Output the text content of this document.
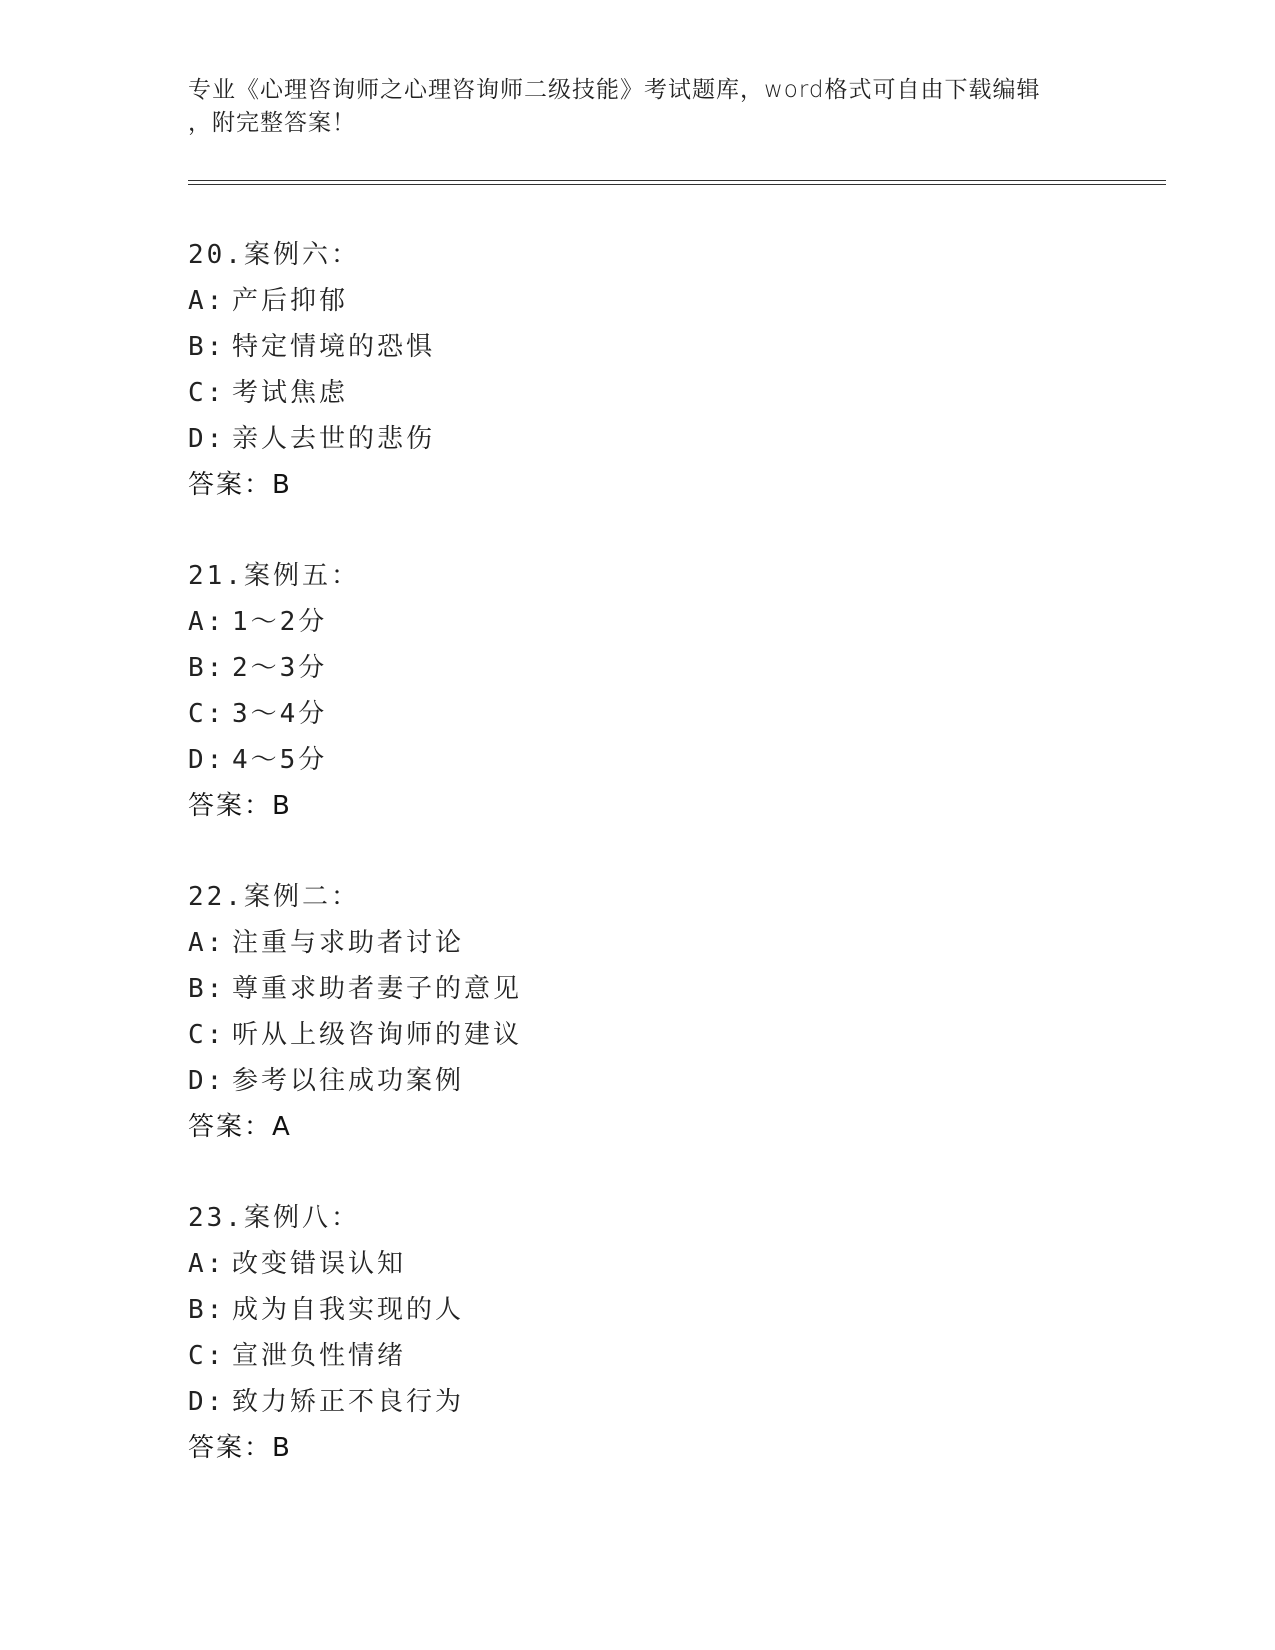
专业《心理咨询师之心理咨询师二级技能》考试题库，word格式可自由下载编辑
，附完整答案！
20.案例六：
A: 产后抑郁
B: 特定情境的恐惧
C: 考试焦虑
D: 亲人去世的悲伤
答案：B
21.案例五：
A: 1～2分
B: 2～3分
C: 3～4分
D: 4～5分
答案：B
22.案例二：
A: 注重与求助者讨论
B: 尊重求助者妻子的意见
C: 听从上级咨询师的建议
D: 参考以往成功案例
答案：A
23.案例八：
A: 改变错误认知
B: 成为自我实现的人
C: 宣泄负性情绪
D: 致力矫正不良行为
答案：B
